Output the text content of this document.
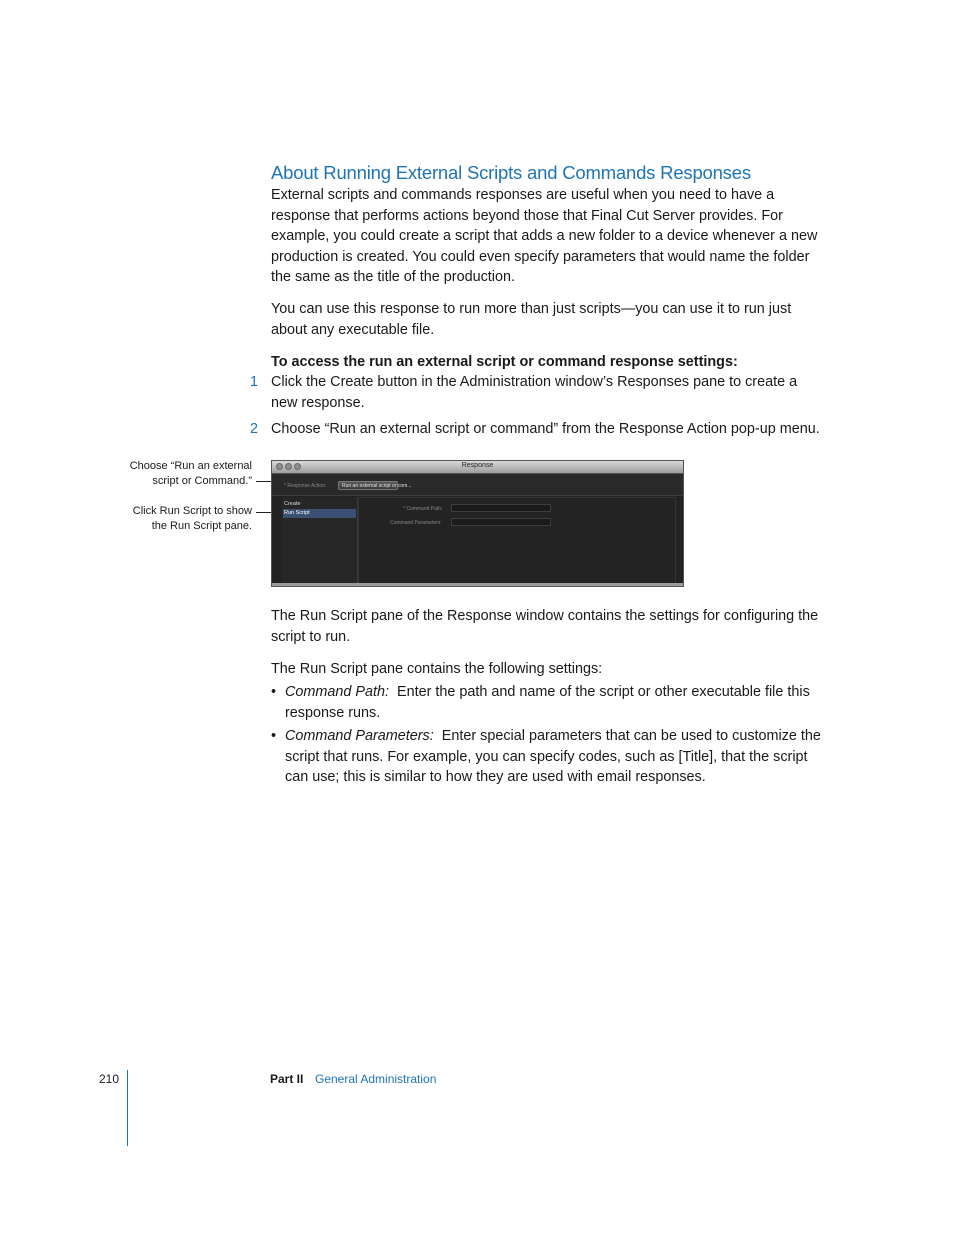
About Running External Scripts and Commands Responses

External scripts and commands responses are useful when you need to have a response that performs actions beyond those that Final Cut Server provides. For example, you could create a script that adds a new folder to a device whenever a new production is created. You could even specify parameters that would name the folder the same as the title of the production.

You can use this response to run more than just scripts—you can use it to run just about any executable file.

To access the run an external script or command response settings:

1 Click the Create button in the Administration window’s Responses pane to create a new response.

2 Choose “Run an external script or command” from the Response Action pop-up menu.

Choose “Run an external
script or Command.”
Click Run Script to show
the Run Script pane.
Response
* Response Action:	Run an external script or com...
Create
Run Script
* Command Path:
Command Parameters:

The Run Script pane of the Response window contains the settings for configuring the script to run.

The Run Script pane contains the following settings:

• Command Path: Enter the path and name of the script or other executable file this response runs.

• Command Parameters: Enter special parameters that can be used to customize the script that runs. For example, you can specify codes, such as [Title], that the script can use; this is similar to how they are used with email responses.

210	Part II General Administration
